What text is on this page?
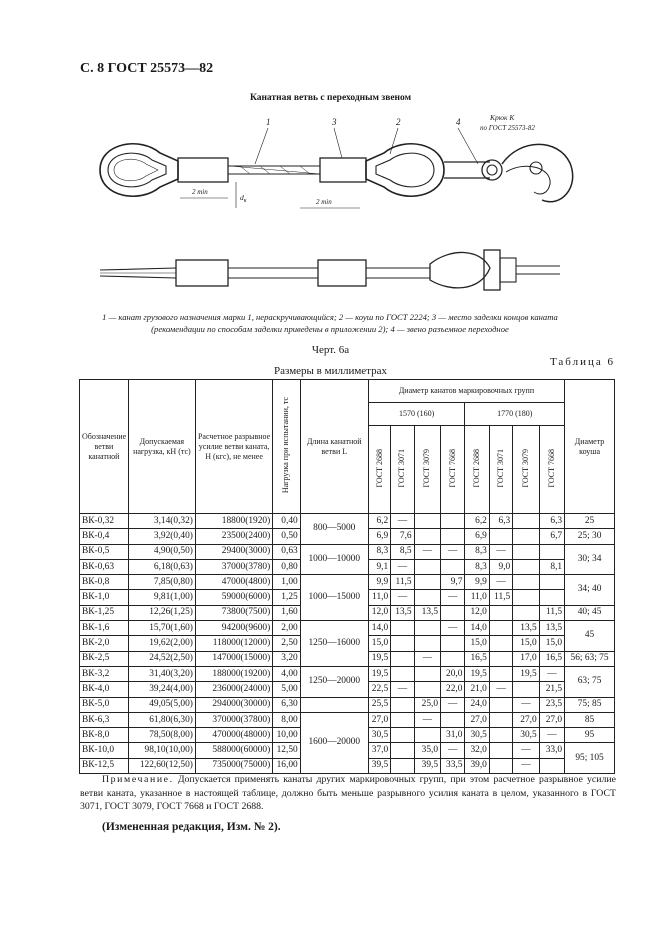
С. 8 ГОСТ 25573—82
Канатная ветвь с переходным звеном
1	3	2	4	Крюк К
по ГОСТ 25573-82
2 min
2 min
$d_к$
1 — канат грузового назначения марки 1, нераскручивающийся; 2 — коуш по ГОСТ 2224; 3 — место заделки концов каната (рекомендации по способам заделки приведены в приложении 2); 4 — звено разъемное переходное
Черт. 6а
Таблица 6
Размеры в миллиметрах
Обозначение ветви канатной	Допускаемая нагрузка, кН (тс)	Расчетное разрывное усилие ветви каната, Н (кгс), не менее	Нагрузка при испытании, тс	Длина канатной ветви L	Диаметр канатов маркировочных групп								Диаметр коуша
					1570 (160)				1770 (180)				
					ГОСТ 2688	ГОСТ 3071	ГОСТ 3079	ГОСТ 7668	ГОСТ 2688	ГОСТ 3071	ГОСТ 3079	ГОСТ 7668	
ВК-0,32	3,14(0,32)	18800(1920)	0,40	800—5000	6,2	—			6,2	6,3		6,3	25
ВК-0,4	3,92(0,40)	23500(2400)	0,50		6,9	7,6			6,9			6,7	25; 30
ВК-0,5	4,90(0,50)	29400(3000)	0,63	1000—10000	8,3	8,5	—	—	8,3	—			30; 34
ВК-0,63	6,18(0,63)	37000(3780)	0,80		9,1	—			8,3	9,0		8,1	
ВК-0,8	7,85(0,80)	47000(4800)	1,00	1000—15000	9,9	11,5		9,7	9,9	—			34; 40
ВК-1,0	9,81(1,00)	59000(6000)	1,25		11,0	—		—	11,0	11,5			
ВК-1,25	12,26(1,25)	73800(7500)	1,60		12,0	13,5	13,5		12,0			11,5	40; 45
ВК-1,6	15,70(1,60)	94200(9600)	2,00	1250—16000	14,0			—	14,0		13,5	13,5	45
ВК-2,0	19,62(2,00)	118000(12000)	2,50		15,0				15,0		15,0	15,0	
ВК-2,5	24,52(2,50)	147000(15000)	3,20		19,5		—		16,5		17,0	16,5	56; 63; 75
ВК-3,2	31,40(3,20)	188000(19200)	4,00	1250—20000	19,5			20,0	19,5		19,5	—	63; 75
ВК-4,0	39,24(4,00)	236000(24000)	5,00		22,5	—		22,0	21,0	—		21,5	
ВК-5,0	49,05(5,00)	294000(30000)	6,30		25,5		25,0	—	24,0		—	23,5	75; 85
ВК-6,3	61,80(6,30)	370000(37800)	8,00	1600—20000	27,0		—		27,0		27,0	27,0	85
ВК-8,0	78,50(8,00)	470000(48000)	10,00		30,5			31,0	30,5		30,5	—	95
ВК-10,0	98,10(10,00)	588000(60000)	12,50		37,0		35,0	—	32,0		—	33,0	95; 105
ВК-12,5	122,60(12,50)	735000(75000)	16,00		39,5		39,5	33,5	39,0		—		
Примечание. Допускается применять канаты других маркировочных групп, при этом расчетное разрывное усилие ветви каната, указанное в настоящей таблице, должно быть меньше разрывного усилия каната в целом, указанного в ГОСТ 3071, ГОСТ 3079, ГОСТ 7668 и ГОСТ 2688.
(Измененная редакция, Изм. № 2).
